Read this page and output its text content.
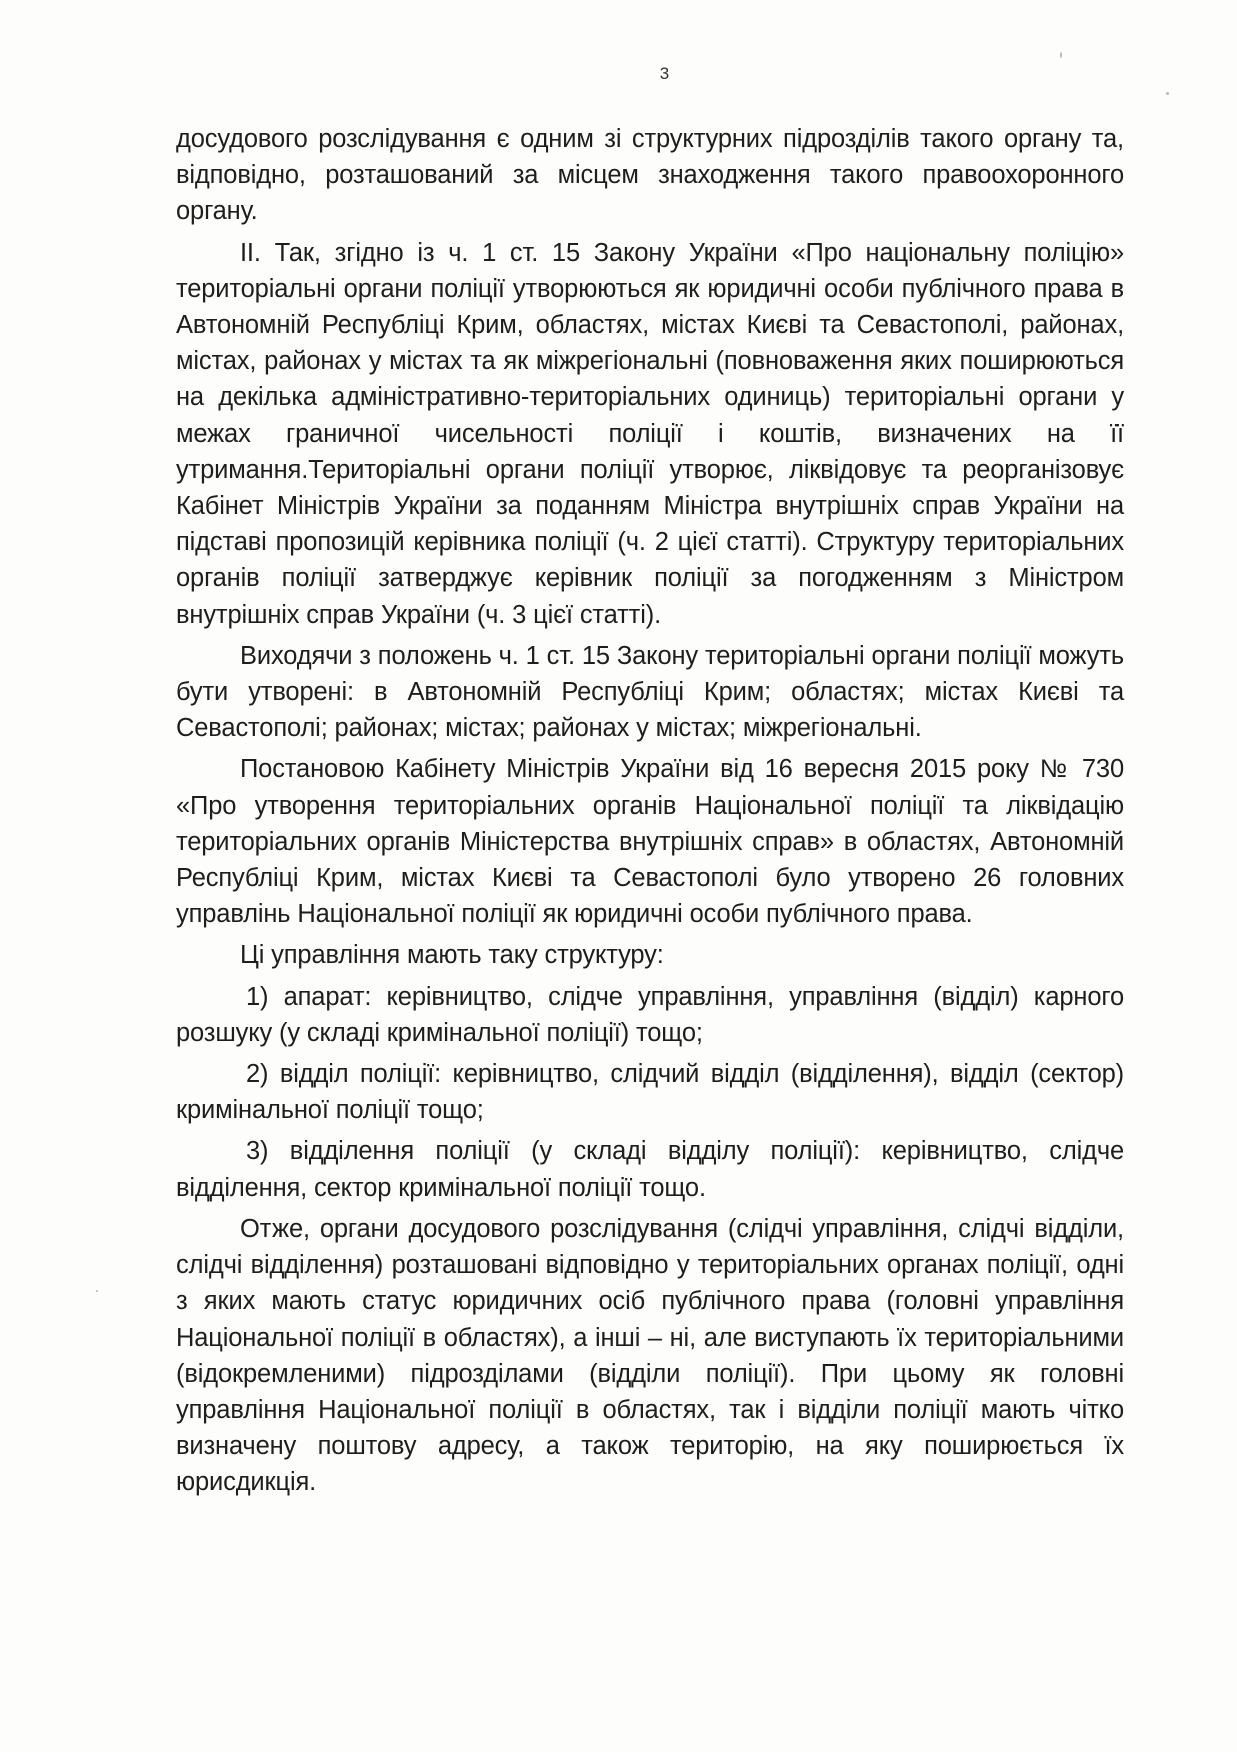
3

досудового розслідування є одним зі структурних підрозділів такого органу та, відповідно, розташований за місцем знаходження такого правоохоронного органу.

ІІ. Так, згідно із ч. 1 ст. 15 Закону України «Про національну поліцію» територіальні органи поліції утворюються як юридичні особи публічного права в Автономній Республіці Крим, областях, містах Києві та Севастополі, районах, містах, районах у містах та як міжрегіональні (повноваження яких поширюються на декілька адміністративно-територіальних одиниць) територіальні органи у межах граничної чисельності поліції і коштів, визначених на її утримання.Територіальні органи поліції утворює, ліквідовує та реорганізовує Кабінет Міністрів України за поданням Міністра внутрішніх справ України на підставі пропозицій керівника поліції (ч. 2 цієї статті). Структуру територіальних органів поліції затверджує керівник поліції за погодженням з Міністром внутрішніх справ України (ч. 3 цієї статті).

Виходячи з положень ч. 1 ст. 15 Закону територіальні органи поліції можуть бути утворені: в Автономній Республіці Крим; областях; містах Києві та Севастополі; районах; містах; районах у містах; міжрегіональні.

Постановою Кабінету Міністрів України від 16 вересня 2015 року № 730 «Про утворення територіальних органів Національної поліції та ліквідацію територіальних органів Міністерства внутрішніх справ» в областях, Автономній Республіці Крим, містах Києві та Севастополі було утворено 26 головних управлінь Національної поліції як юридичні особи публічного права.

Ці управління мають таку структуру:

1) апарат: керівництво, слідче управління, управління (відділ) карного розшуку (у складі кримінальної поліції) тощо;

2) відділ поліції: керівництво, слідчий відділ (відділення), відділ (сектор) кримінальної поліції тощо;

3) відділення поліції (у складі відділу поліції): керівництво, слідче відділення, сектор кримінальної поліції тощо.

Отже, органи досудового розслідування (слідчі управління, слідчі відділи, слідчі відділення) розташовані відповідно у територіальних органах поліції, одні з яких мають статус юридичних осіб публічного права (головні управління Національної поліції в областях), а інші – ні, але виступають їх територіальними (відокремленими) підрозділами (відділи поліції). При цьому як головні управління Національної поліції в областях, так і відділи поліції мають чітко визначену поштову адресу, а також територію, на яку поширюється їх юрисдикція.
